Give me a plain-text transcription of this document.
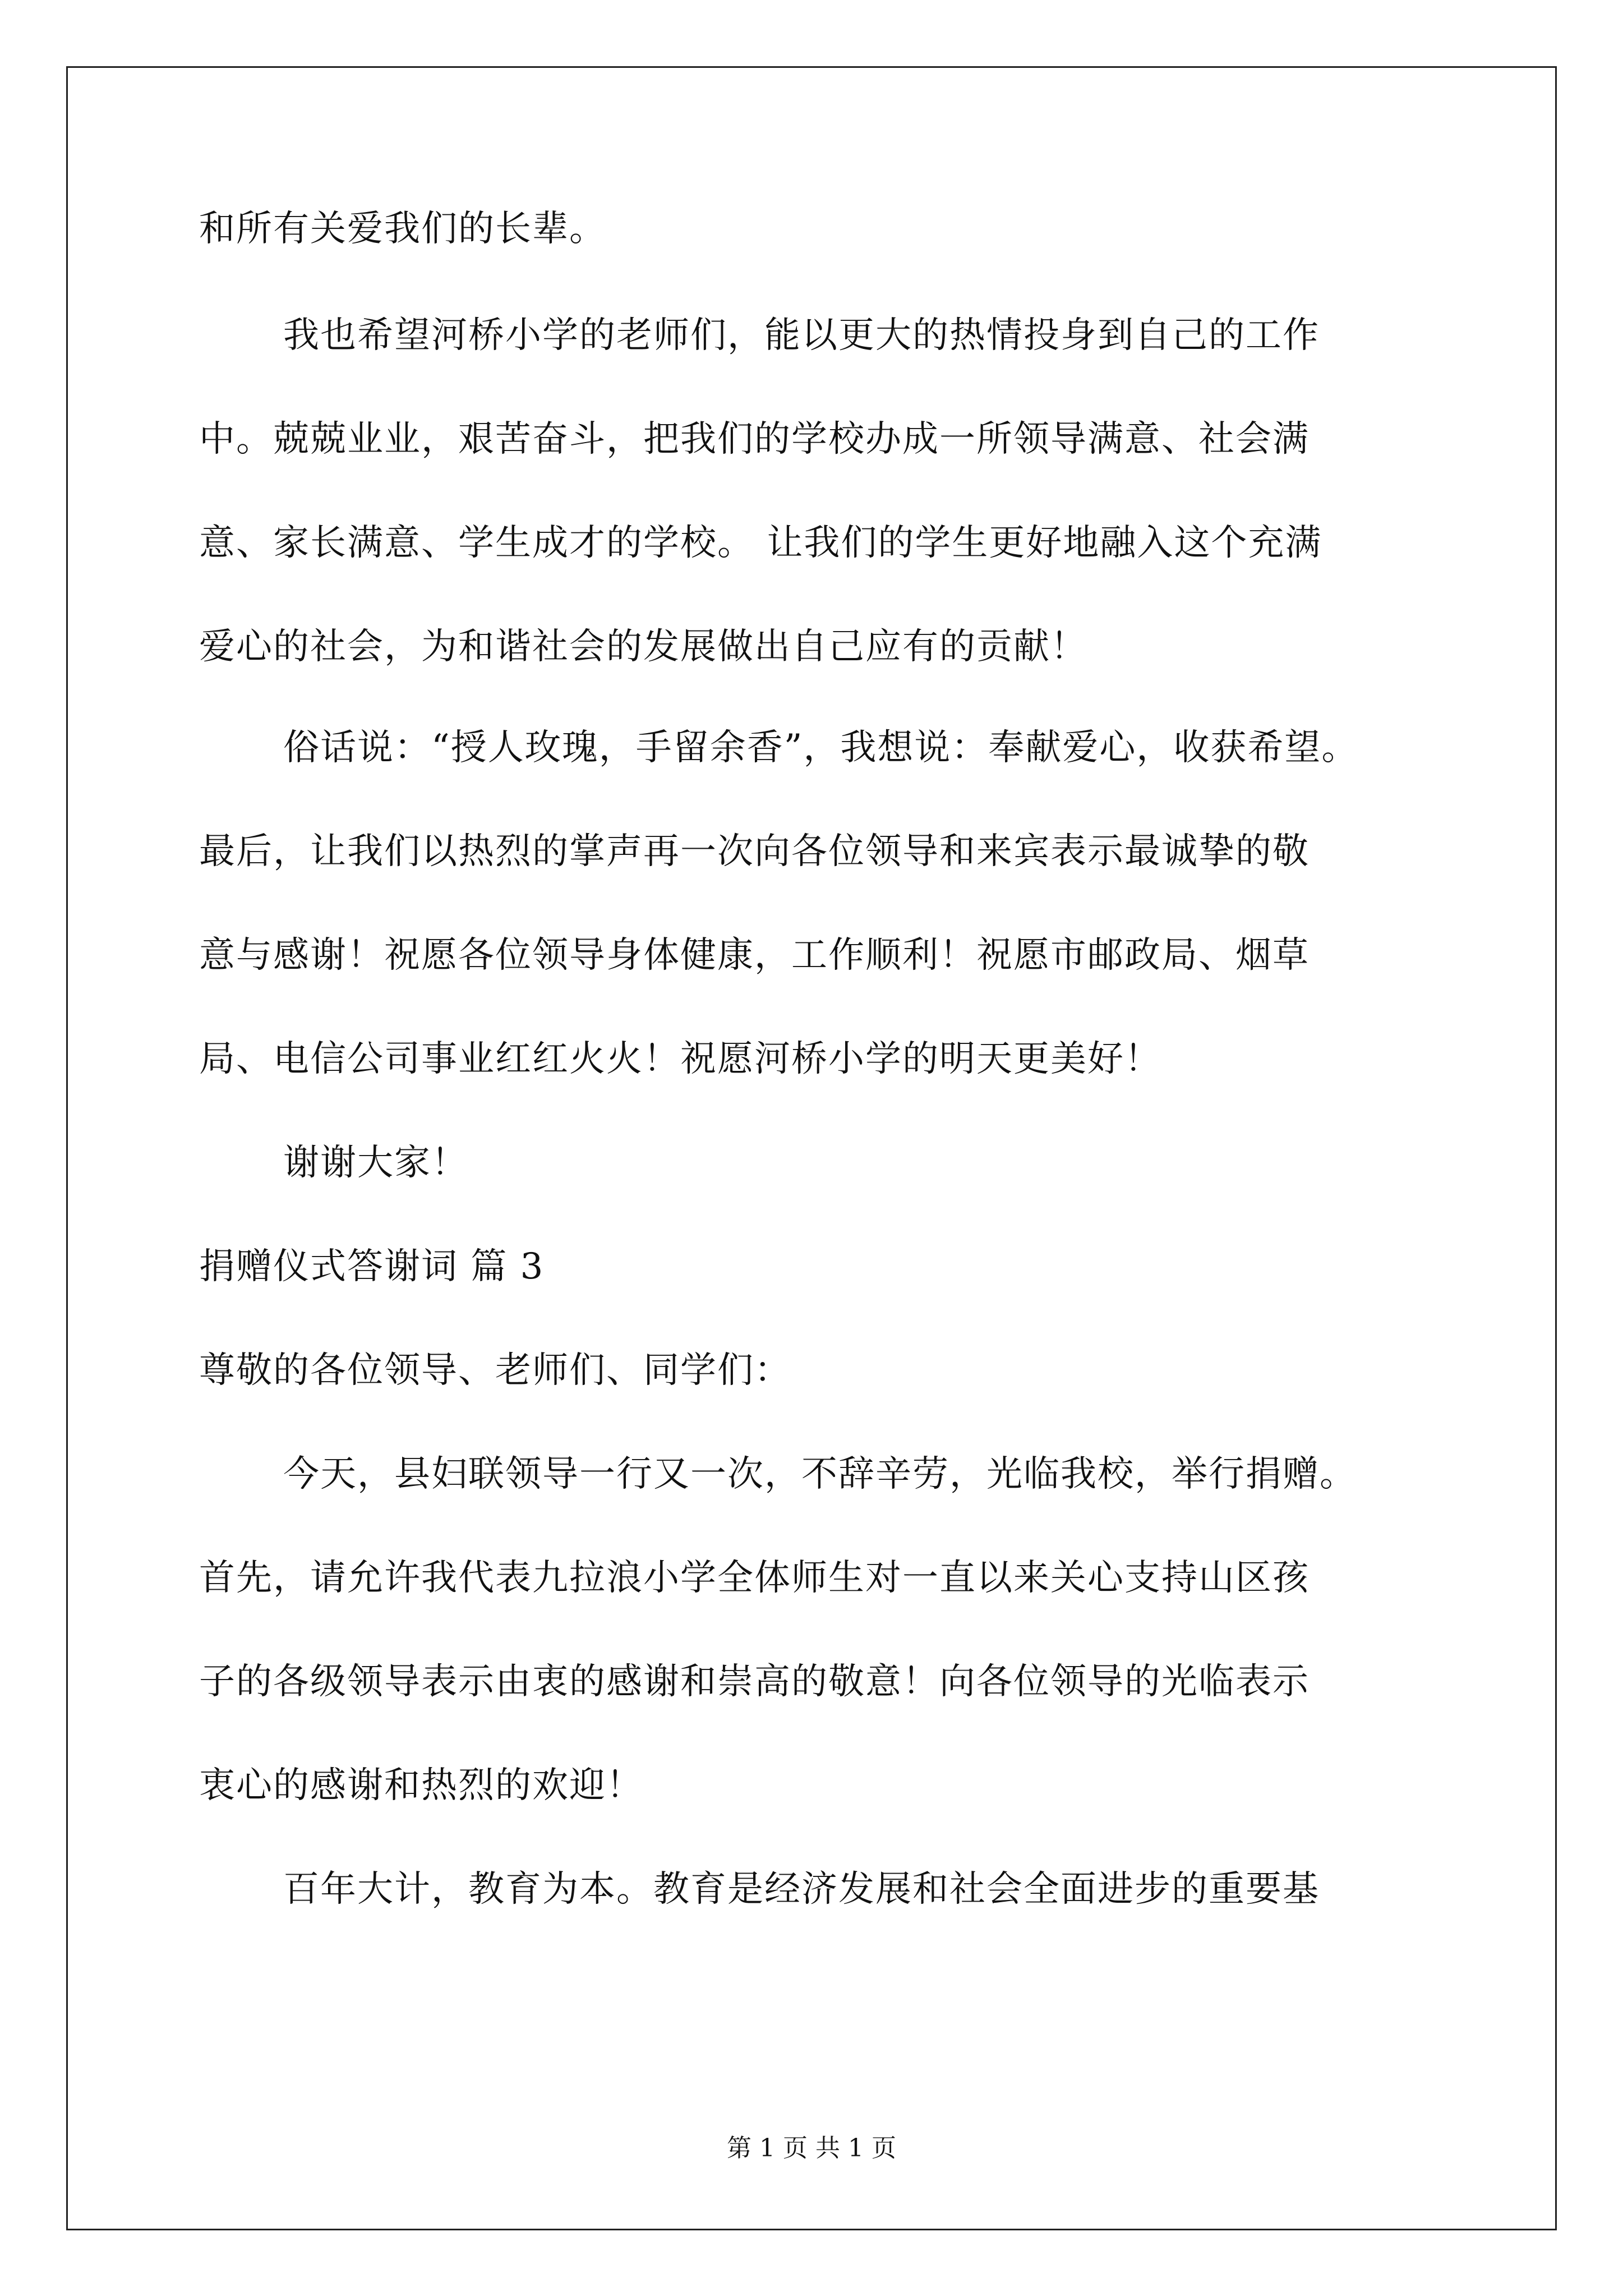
和所有关爱我们的长辈。
我也希望河桥小学的老师们，能以更大的热情投身到自己的工作
中。兢兢业业，艰苦奋斗，把我们的学校办成一所领导满意、社会满
意、家长满意、学生成才的学校。 让我们的学生更好地融入这个充满
爱心的社会，为和谐社会的发展做出自己应有的贡献！
俗话说：“授人玫瑰，手留余香”，我想说：奉献爱心，收获希望。
最后，让我们以热烈的掌声再一次向各位领导和来宾表示最诚挚的敬
意与感谢！祝愿各位领导身体健康，工作顺利！祝愿市邮政局、烟草
局、电信公司事业红红火火！祝愿河桥小学的明天更美好！
谢谢大家！
捐赠仪式答谢词 篇 3
尊敬的各位领导、老师们、同学们：
今天，县妇联领导一行又一次，不辞辛劳，光临我校，举行捐赠。
首先，请允许我代表九拉浪小学全体师生对一直以来关心支持山区孩
子的各级领导表示由衷的感谢和崇高的敬意！向各位领导的光临表示
衷心的感谢和热烈的欢迎！
百年大计，教育为本。教育是经济发展和社会全面进步的重要基
第 1 页 共 1 页
